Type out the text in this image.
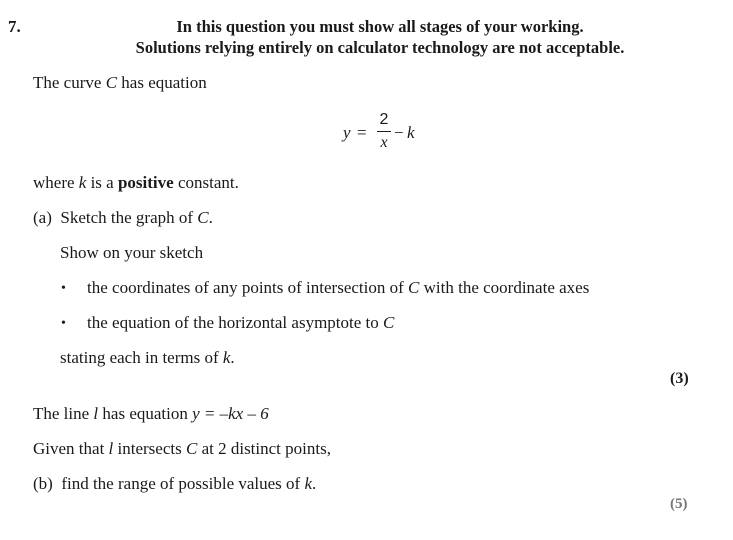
7.	In this question you must show all stages of your working.
Solutions relying entirely on calculator technology are not acceptable.
The curve C has equation
y =
2
x
− k
where k is a positive constant.
(a) Sketch the graph of C.
Show on your sketch
• the coordinates of any points of intersection of C with the coordinate axes
• the equation of the horizontal asymptote to C
stating each in terms of k.
(3)
The line l has equation y = –kx – 6
Given that l intersects C at 2 distinct points,
(b) find the range of possible values of k.
(5)
